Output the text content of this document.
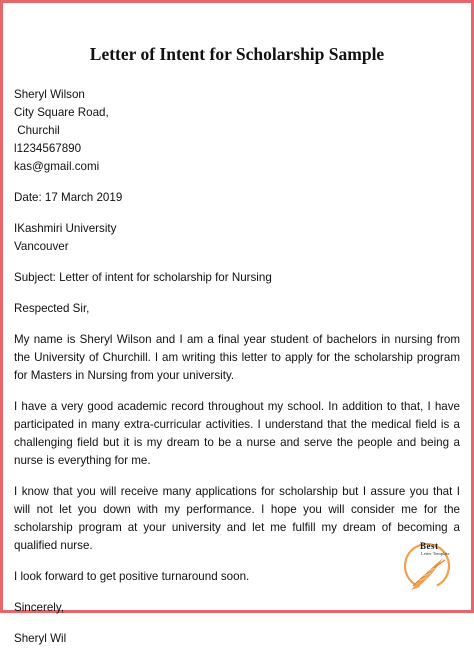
Letter of Intent for Scholarship Sample
Sheryl Wilson
City Square Road,
Churchil
l1234567890
kas@gmail.comi
Date: 17 March 2019
IKashmiri University
Vancouver
Subject: Letter of intent for scholarship for Nursing
Respected Sir,

My name is Sheryl Wilson and I am a final year student of bachelors in nursing from the University of Churchill. I am writing this letter to apply for the scholarship program for Masters in Nursing from your university.

I have a very good academic record throughout my school. In addition to that, I have participated in many extra-curricular activities. I understand that the medical field is a challenging field but it is my dream to be a nurse and serve the people and being a nurse is everything for me.

I know that you will receive many applications for scholarship but I assure you that I will not let you down with my performance. I hope you will consider me for the scholarship program at your university and let me fulfill my dream of becoming a qualified nurse.

I look forward to get positive turnaround soon.

Sincerely,
Sheryl Wil
Best
Letter Template
